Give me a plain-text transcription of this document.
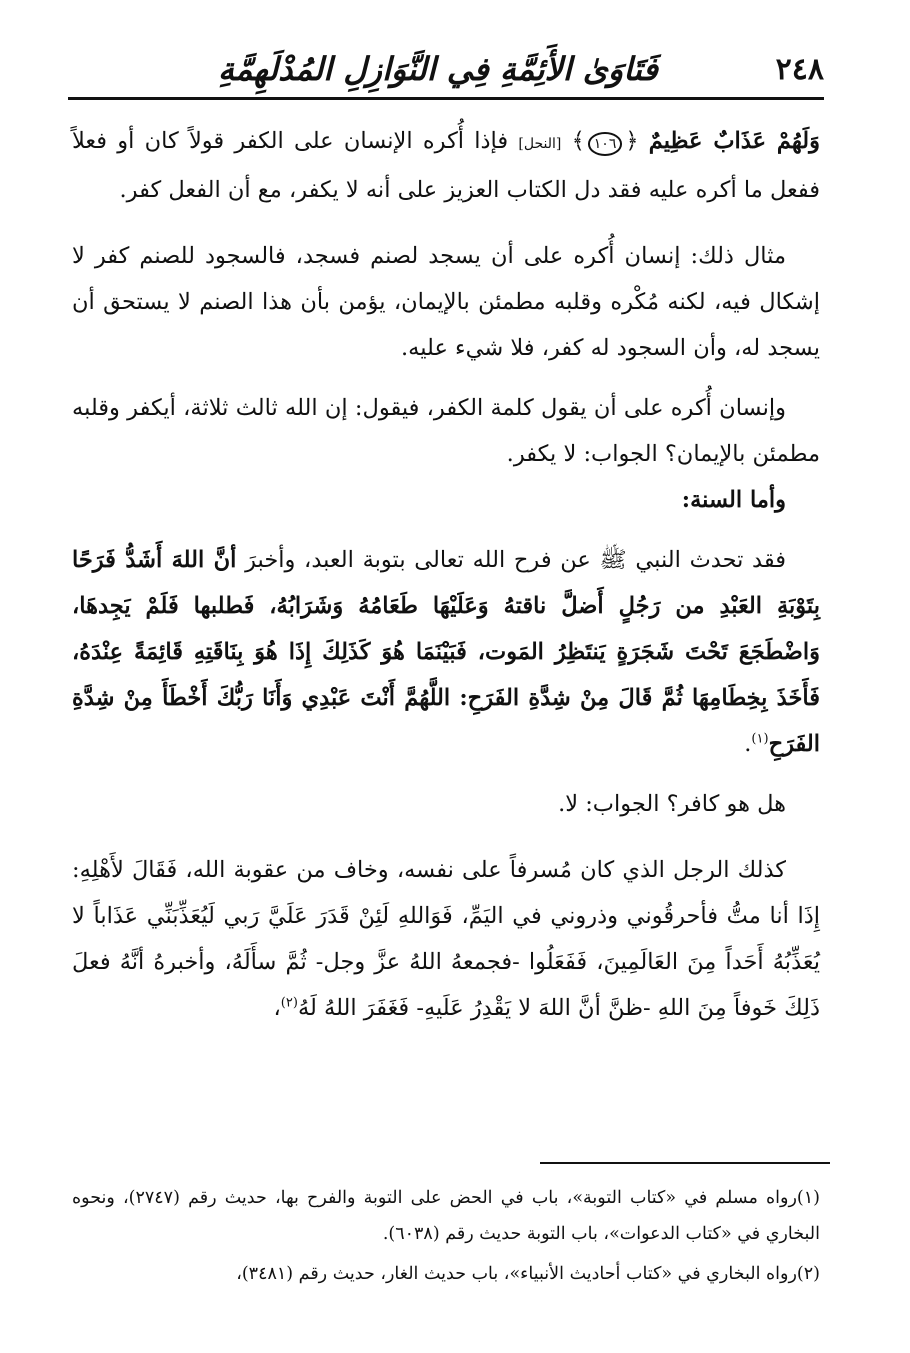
٢٤٨
فَتَاوَىٰ الأَئِمَّةِ فِي النَّوَازِلِ المُدْلَهِمَّةِ

وَلَهُمْ عَذَابٌ عَظِيمٌ ﴿١٠٦﴾ [النحل] فإذا أُكره الإنسان على الكفر قولاً كان أو فعلاً ففعل ما أكره عليه فقد دل الكتاب العزيز على أنه لا يكفر، مع أن الفعل كفر.

مثال ذلك: إنسان أُكره على أن يسجد لصنم فسجد، فالسجود للصنم كفر لا إشكال فيه، لكنه مُكْره وقلبه مطمئن بالإيمان، يؤمن بأن هذا الصنم لا يستحق أن يسجد له، وأن السجود له كفر، فلا شيء عليه.

وإنسان أُكره على أن يقول كلمة الكفر، فيقول: إن الله ثالث ثلاثة، أيكفر وقلبه مطمئن بالإيمان؟ الجواب: لا يكفر.

وأما السنة:

فقد تحدث النبي ﷺ عن فرح الله تعالى بتوبة العبد، وأخبرَ أنَّ اللهَ أَشَدُّ فَرَحًا بِتَوْبَةِ العَبْدِ من رَجُلٍ أَضلَّ ناقتهُ وَعَلَيْهَا طَعَامُهُ وَشَرَابُهُ، فَطلبها فَلَمْ يَجِدهَا، وَاضْطَجَعَ تَحْتَ شَجَرَةٍ يَنتَظِرُ المَوت، فَبَيْنَمَا هُوَ كَذَلِكَ إِذَا هُوَ بِنَاقَتِهِ قَائِمَةً عِنْدَهُ، فَأَخَذَ بِخِطَامِهَا ثُمَّ قَالَ مِنْ شِدَّةِ الفَرَحِ: اللَّهُمَّ أَنْتَ عَبْدِي وَأَنَا رَبُّكَ أَخْطَأَ مِنْ شِدَّةِ الفَرَحِ$^{(١)}$.

هل هو كافر؟ الجواب: لا.

كذلك الرجل الذي كان مُسرفاً على نفسه، وخاف من عقوبة الله، فَقَالَ لأَهْلِهِ: إِذَا أنا متُّ فأحرقُوني وذروني في اليَمِّ، فَوَاللهِ لَئِنْ قَدَرَ عَلَيَّ رَبي لَيُعَذِّبَنِّي عَذَاباً لا يُعَذِّبُهُ أَحَداً مِنَ العَالَمِينَ، فَفَعَلُوا -فجمعهُ اللهُ عزَّ وجل- ثُمَّ سأَلَهُ، وأخبرهُ أنَّهُ فعلَ ذَلِكَ خَوفاً مِنَ اللهِ -ظنَّ أنَّ اللهَ لا يَقْدِرُ عَلَيهِ- فَغَفَرَ اللهُ لَهُ$^{(٢)}$،

(١)رواه مسلم في «كتاب التوبة»، باب في الحض على التوبة والفرح بها، حديث رقم (٢٧٤٧)، ونحوه البخاري في «كتاب الدعوات»، باب التوبة حديث رقم (٦٠٣٨).

(٢)رواه البخاري في «كتاب أحاديث الأنبياء»، باب حديث الغار، حديث رقم (٣٤٨١)،
